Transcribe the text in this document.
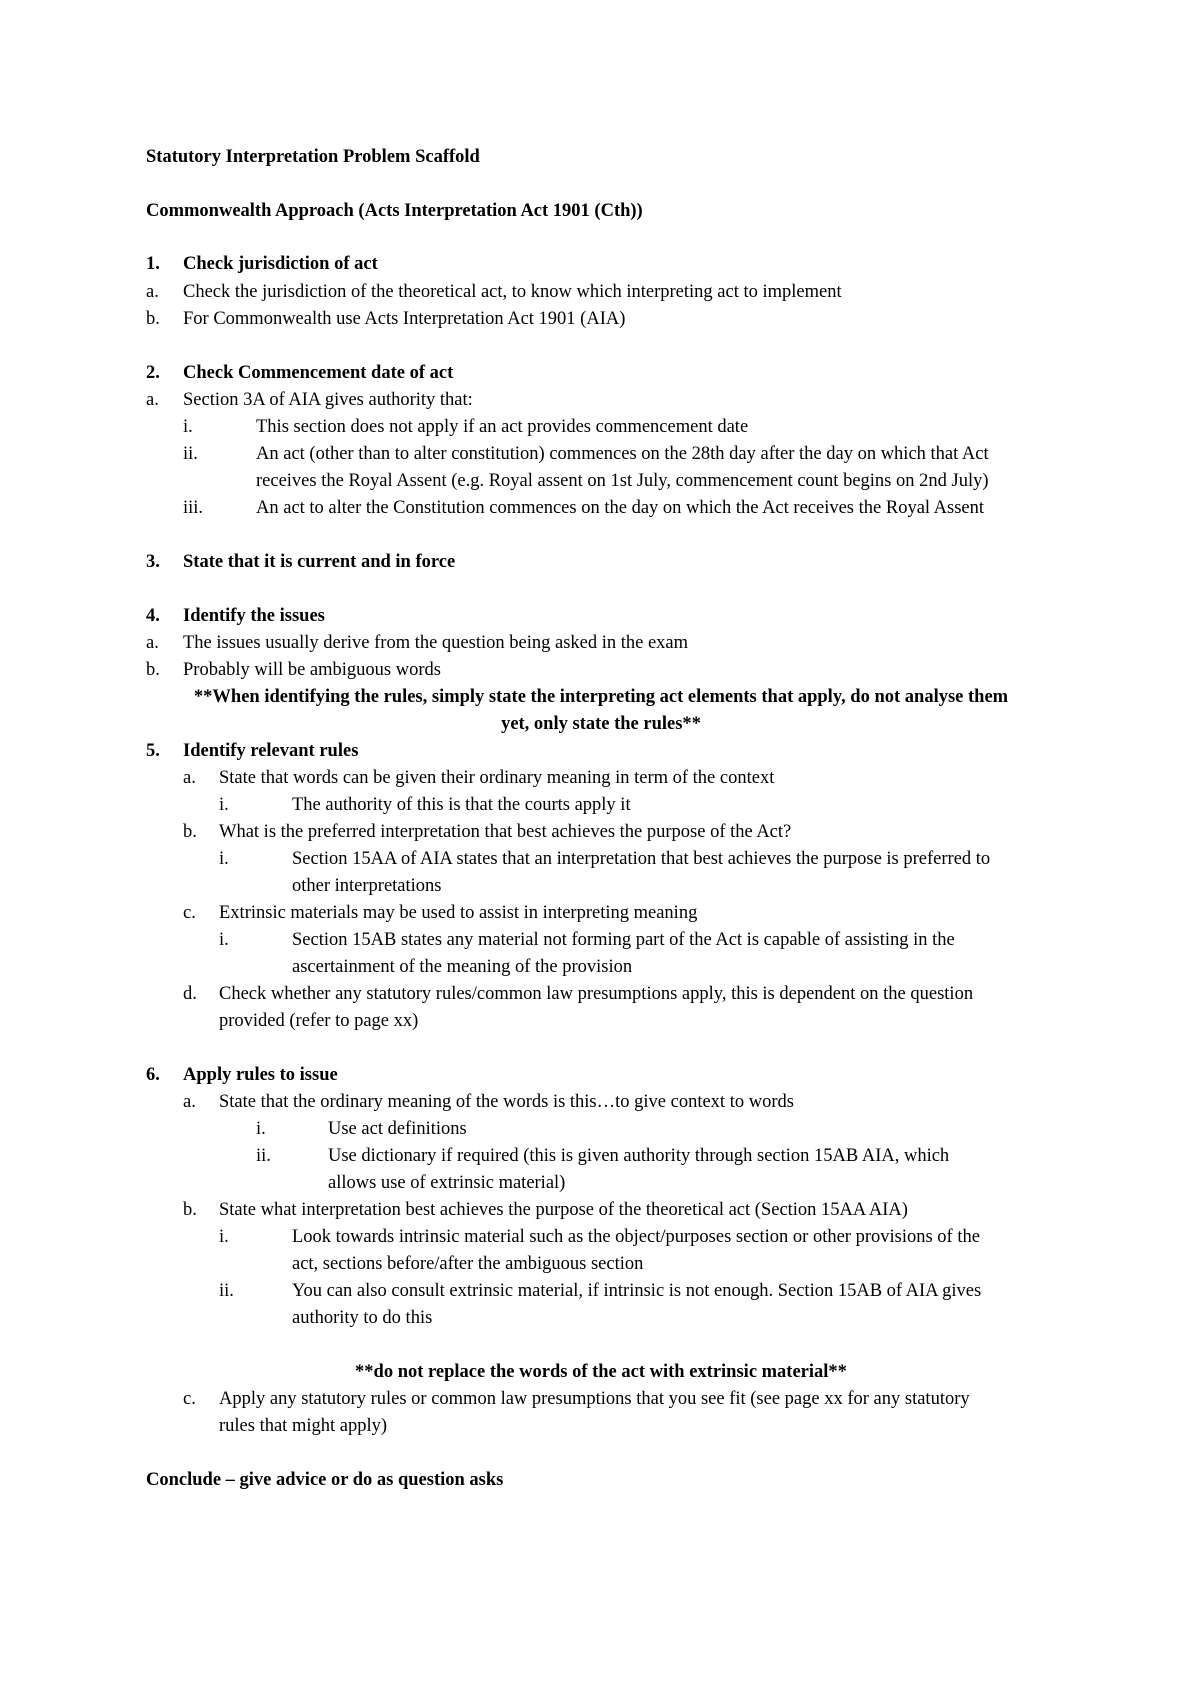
Statutory Interpretation Problem Scaffold
Commonwealth Approach (Acts Interpretation Act 1901 (Cth))
1. Check jurisdiction of act
a. Check the jurisdiction of the theoretical act, to know which interpreting act to implement
b. For Commonwealth use Acts Interpretation Act 1901 (AIA)
2. Check Commencement date of act
a. Section 3A of AIA gives authority that:
i.	This section does not apply if an act provides commencement date
ii.	An act (other than to alter constitution) commences on the 28th day after the day on which that Act
receives the Royal Assent (e.g. Royal assent on 1st July, commencement count begins on 2nd July)
iii.	An act to alter the Constitution commences on the day on which the Act receives the Royal Assent
3. State that it is current and in force
4. Identify the issues
a. The issues usually derive from the question being asked in the exam
b. Probably will be ambiguous words
**When identifying the rules, simply state the interpreting act elements that apply, do not analyse them
yet, only state the rules**
5. Identify relevant rules
a. State that words can be given their ordinary meaning in term of the context
i.	The authority of this is that the courts apply it
b. What is the preferred interpretation that best achieves the purpose of the Act?
i.	Section 15AA of AIA states that an interpretation that best achieves the purpose is preferred to
other interpretations
c. Extrinsic materials may be used to assist in interpreting meaning
i.	Section 15AB states any material not forming part of the Act is capable of assisting in the
ascertainment of the meaning of the provision
d. Check whether any statutory rules/common law presumptions apply, this is dependent on the question
provided (refer to page xx)
6. Apply rules to issue
a. State that the ordinary meaning of the words is this…to give context to words
i.	Use act definitions
ii.	Use dictionary if required (this is given authority through section 15AB AIA, which
allows use of extrinsic material)
b. State what interpretation best achieves the purpose of the theoretical act (Section 15AA AIA)
i.	Look towards intrinsic material such as the object/purposes section or other provisions of the
act, sections before/after the ambiguous section
ii.	You can also consult extrinsic material, if intrinsic is not enough. Section 15AB of AIA gives
authority to do this
**do not replace the words of the act with extrinsic material**
c. Apply any statutory rules or common law presumptions that you see fit (see page xx for any statutory
rules that might apply)
Conclude – give advice or do as question asks
